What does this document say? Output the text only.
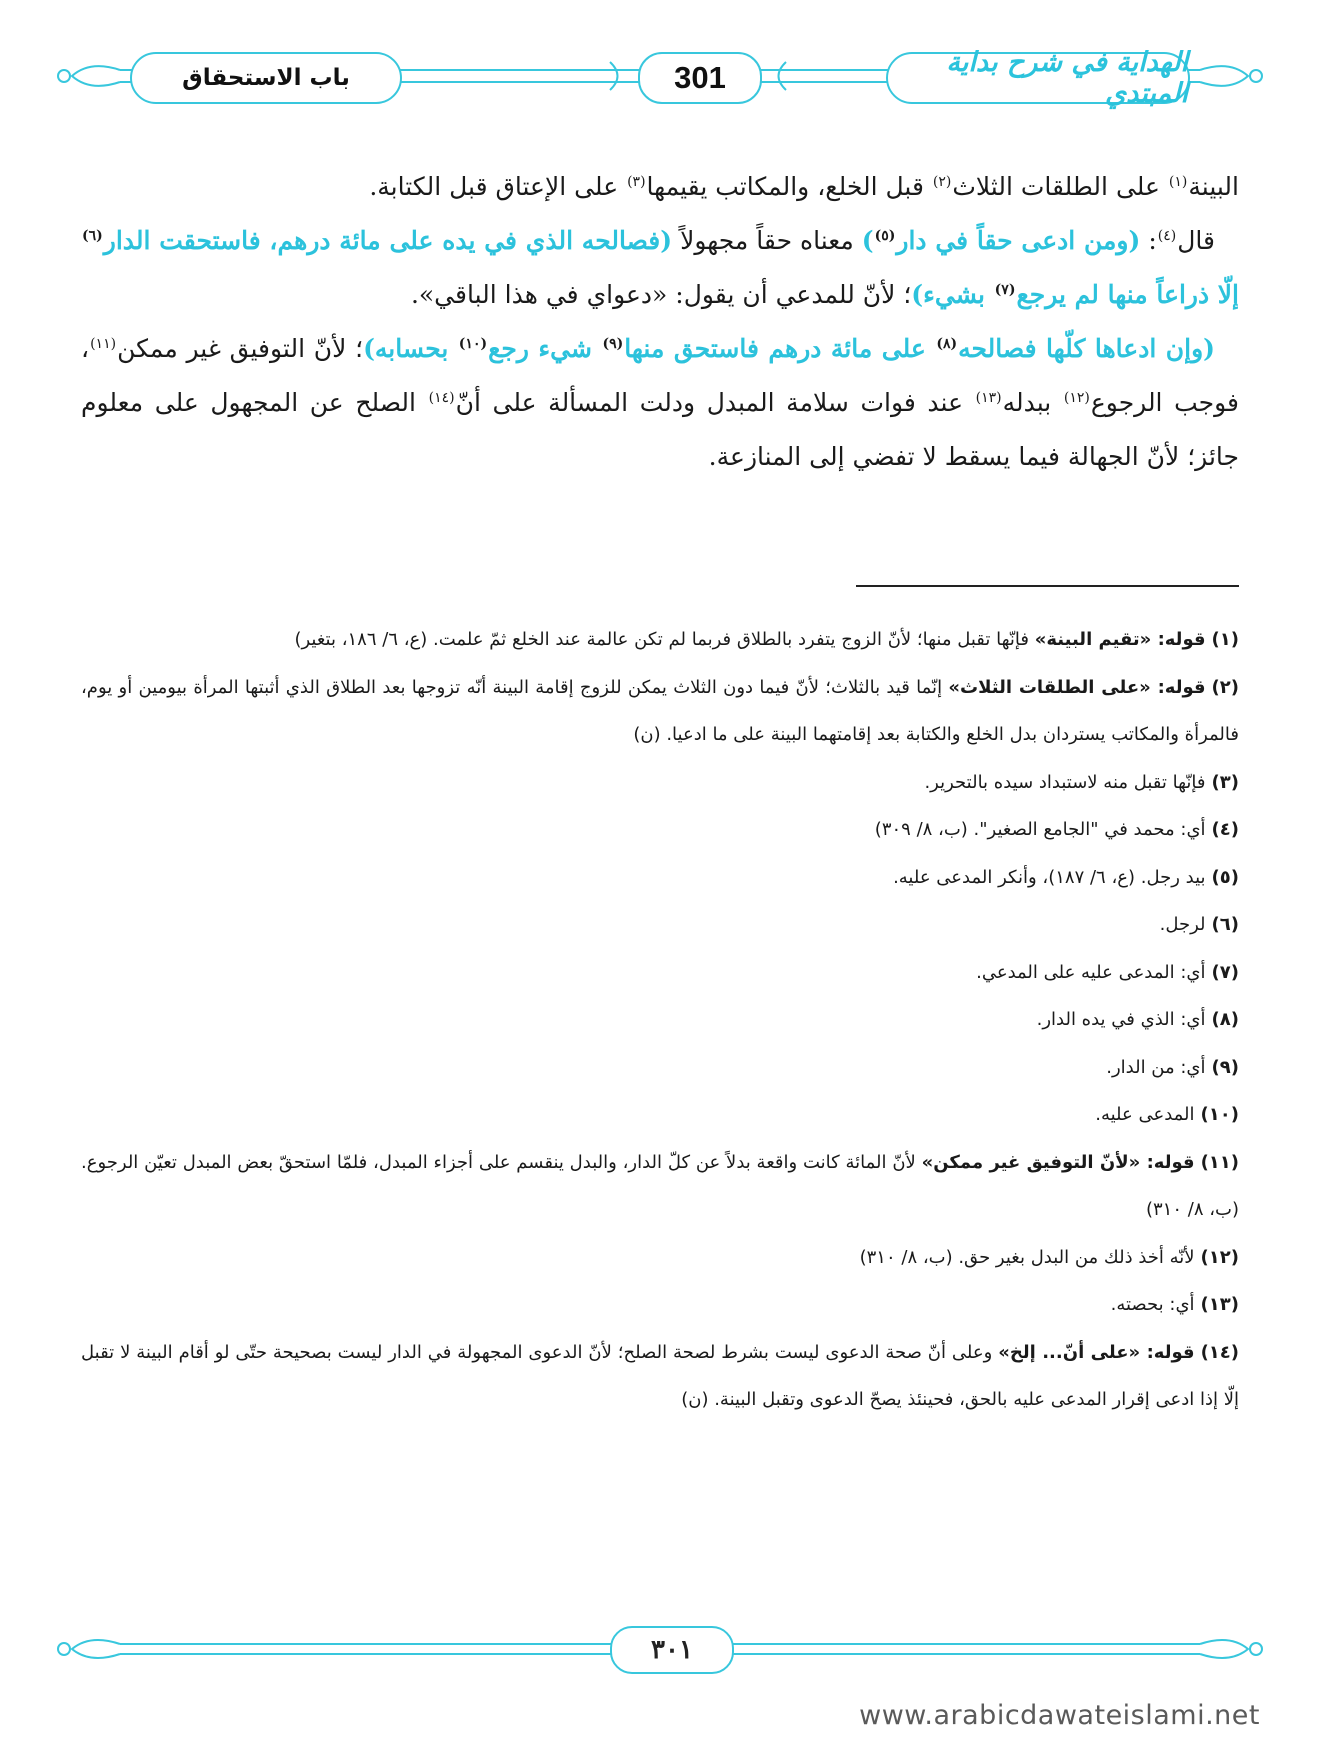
الهداية في شرح بداية المبتدي
301
باب الاستحقاق

البينة$^{(١)}$ على الطلقات الثلاث$^{(٢)}$ قبل الخلع، والمكاتب يقيمها$^{(٣)}$ على الإعتاق قبل الكتابة.

قال$^{(٤)}$: (ومن ادعى حقاً في دار$^{(٥)}$) معناه حقاً مجهولاً (فصالحه الذي في يده على مائة درهم، فاستحقت الدار$^{(٦)}$ إلّا ذراعاً منها لم يرجع$^{(٧)}$ بشيء)؛ لأنّ للمدعي أن يقول: «دعواي في هذا الباقي».

(وإن ادعاها كلّها فصالحه$^{(٨)}$ على مائة درهم فاستحق منها$^{(٩)}$ شيء رجع$^{(١٠)}$ بحسابه)؛ لأنّ التوفيق غير ممكن$^{(١١)}$، فوجب الرجوع$^{(١٢)}$ ببدله$^{(١٣)}$ عند فوات سلامة المبدل ودلت المسألة على أنّ$^{(١٤)}$ الصلح عن المجهول على معلوم جائز؛ لأنّ الجهالة فيما يسقط لا تفضي إلى المنازعة.

(١)قوله: «تقيم البينة» فإنّها تقبل منها؛ لأنّ الزوج يتفرد بالطلاق فربما لم تكن عالمة عند الخلع ثمّ علمت. (ع، ٦/ ١٨٦، بتغير)

(٢)قوله: «على الطلقات الثلاث» إنّما قيد بالثلاث؛ لأنّ فيما دون الثلاث يمكن للزوج إقامة البينة أنّه تزوجها بعد الطلاق الذي أثبتها المرأة بيومين أو يوم، فالمرأة والمكاتب يستردان بدل الخلع والكتابة بعد إقامتهما البينة على ما ادعيا. (ن)

(٣)فإنّها تقبل منه لاستبداد سيده بالتحرير.

(٤)أي: محمد في "الجامع الصغير". (ب، ٨/ ٣٠٩)

(٥)بيد رجل. (ع، ٦/ ١٨٧)، وأنكر المدعى عليه.

(٦)لرجل.

(٧)أي: المدعى عليه على المدعي.

(٨)أي: الذي في يده الدار.

(٩)أي: من الدار.

(١٠)المدعى عليه.

(١١)قوله: «لأنّ التوفيق غير ممكن» لأنّ المائة كانت واقعة بدلاً عن كلّ الدار، والبدل ينقسم على أجزاء المبدل، فلمّا استحقّ بعض المبدل تعيّن الرجوع. (ب، ٨/ ٣١٠)

(١٢)لأنّه أخذ ذلك من البدل بغير حق. (ب، ٨/ ٣١٠)

(١٣)أي: بحصته.

(١٤)قوله: «على أنّ... إلخ» وعلى أنّ صحة الدعوى ليست بشرط لصحة الصلح؛ لأنّ الدعوى المجهولة في الدار ليست بصحيحة حتّى لو أقام البينة لا تقبل إلّا إذا ادعى إقرار المدعى عليه بالحق، فحينئذ يصحّ الدعوى وتقبل البينة. (ن)

٣٠١
www.arabicdawateislami.net
